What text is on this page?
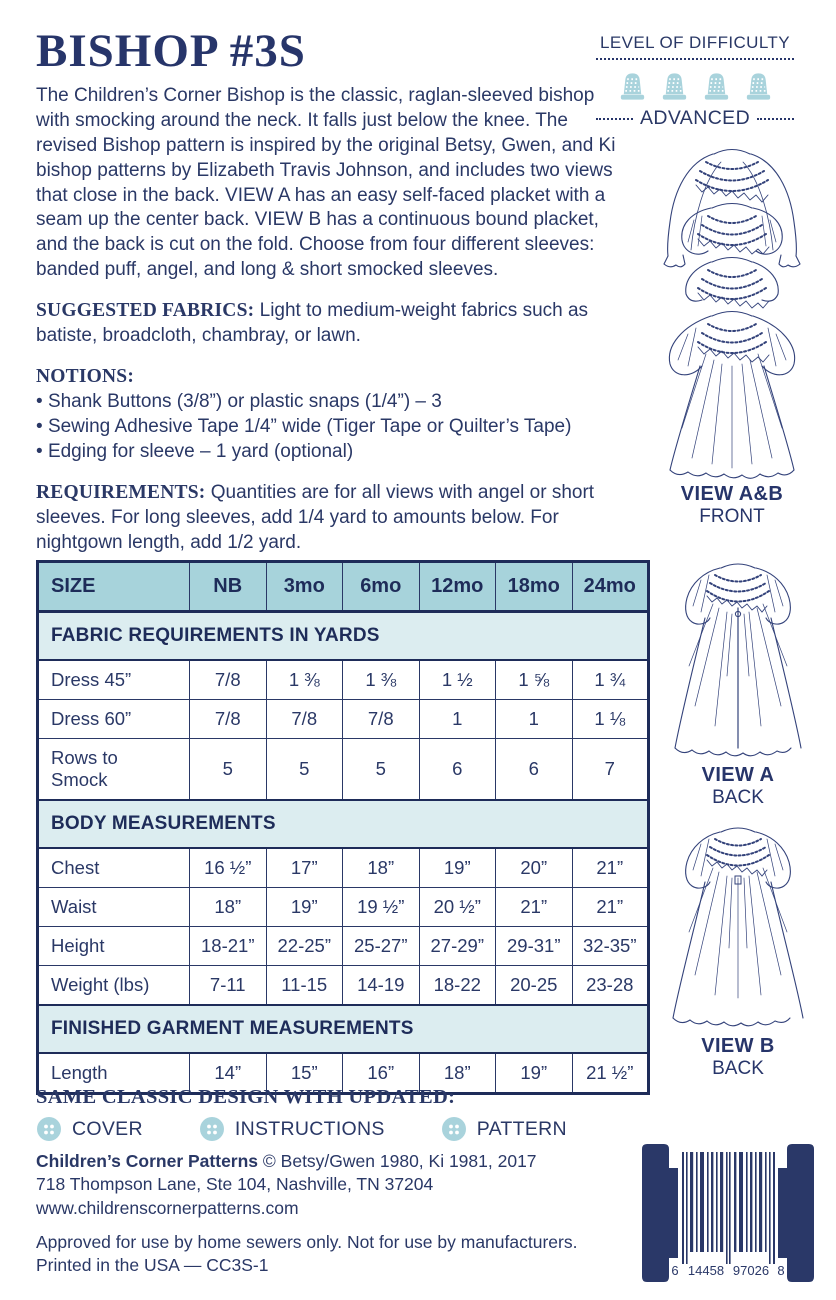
BISHOP #3S	LEVEL OF DIFFICULTY
ADVANCED

The Children’s Corner Bishop is the classic, raglan-sleeved bishop with smocking around the neck. It falls just below the knee. The revised Bishop pattern is inspired by the original Betsy, Gwen, and Ki bishop patterns by Elizabeth Travis Johnson, and includes two views that close in the back. VIEW A has an easy self-faced placket with a seam up the center back. VIEW B has a continuous bound placket, and the back is cut on the fold. Choose from four different sleeves: banded puff, angel, and long & short smocked sleeves.

SUGGESTED FABRICS: Light to medium-weight fabrics such as batiste, broadcloth, chambray, or lawn.

NOTIONS:
• Shank Buttons (3/8”) or plastic snaps (1/4”) – 3
• Sewing Adhesive Tape 1/4” wide (Tiger Tape or Quilter’s Tape)
• Edging for sleeve – 1 yard (optional)

REQUIREMENTS: Quantities are for all views with angel or short sleeves. For long sleeves, add 1/4 yard to amounts below. For nightgown length, add 1/2 yard.

SIZE	NB	3mo	6mo	12mo	18mo	24mo
FABRIC REQUIREMENTS IN YARDS						
Dress 45”	7/8	1 ⅜	1 ⅜	1 ½	1 ⅝	1 ¾
Dress 60”	7/8	7/8	7/8	1	1	1 ⅛
Rows to Smock	5	5	5	6	6	7
BODY MEASUREMENTS						
Chest	16 ½”	17”	18”	19”	20”	21”
Waist	18”	19”	19 ½”	20 ½”	21”	21”
Height	18-21”	22-25”	25-27”	27-29”	29-31”	32-35”
Weight (lbs)	7-11	11-15	14-19	18-22	20-25	23-28
FINISHED GARMENT MEASUREMENTS						
Length	14”	15”	16”	18”	19”	21 ½”
VIEW A&B
FRONT
VIEW A
BACK
VIEW B
BACK
SAME CLASSIC DESIGN WITH UPDATED:
COVER	INSTRUCTIONS	PATTERN
Children’s Corner Patterns © Betsy/Gwen 1980, Ki 1981, 2017
718 Thompson Lane, Ste 104, Nashville, TN 37204
www.childrenscornerpatterns.com
Approved for use by home sewers only. Not for use by manufacturers.
Printed in the USA — CC3S-1	6 14458 97026 8
